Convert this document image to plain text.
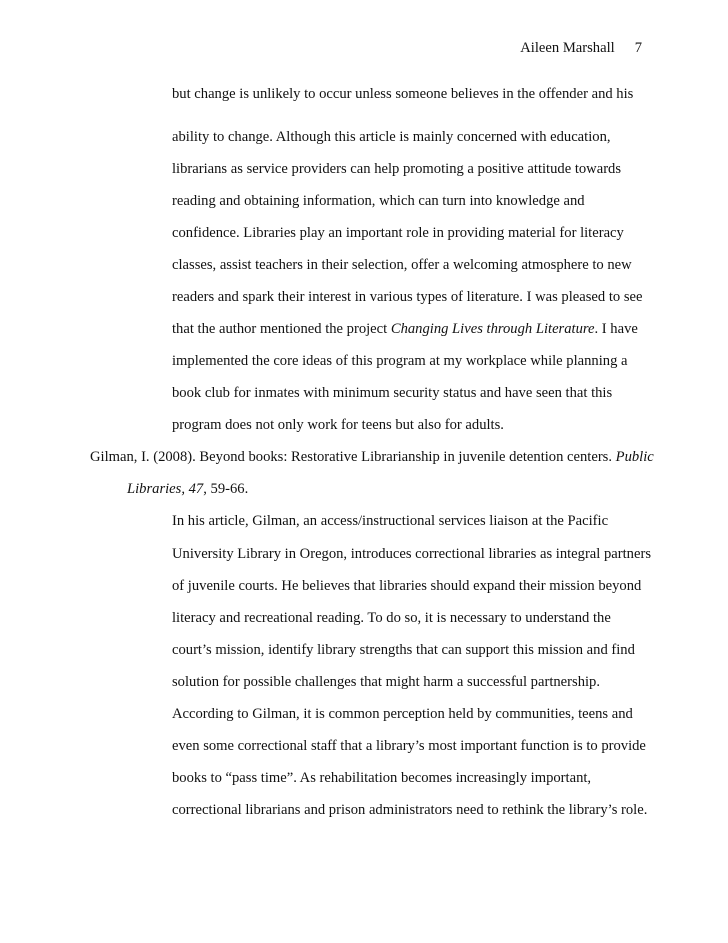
Aileen Marshall 7
but change is unlikely to occur unless someone believes in the offender and his
ability to change. Although this article is mainly concerned with education,
librarians as service providers can help promoting a positive attitude towards
reading and obtaining information, which can turn into knowledge and
confidence. Libraries play an important role in providing material for literacy
classes, assist teachers in their selection, offer a welcoming atmosphere to new
readers and spark their interest in various types of literature. I was pleased to see
that the author mentioned the project Changing Lives through Literature. I have
implemented the core ideas of this program at my workplace while planning a
book club for inmates with minimum security status and have seen that this
program does not only work for teens but also for adults.
Gilman, I. (2008). Beyond books: Restorative Librarianship in juvenile detention centers. Public
Libraries, 47, 59-66.
In his article, Gilman, an access/instructional services liaison at the Pacific
University Library in Oregon, introduces correctional libraries as integral partners
of juvenile courts. He believes that libraries should expand their mission beyond
literacy and recreational reading. To do so, it is necessary to understand the
court’s mission, identify library strengths that can support this mission and find
solution for possible challenges that might harm a successful partnership.
According to Gilman, it is common perception held by communities, teens and
even some correctional staff that a library’s most important function is to provide
books to “pass time”. As rehabilitation becomes increasingly important,
correctional librarians and prison administrators need to rethink the library’s role.
